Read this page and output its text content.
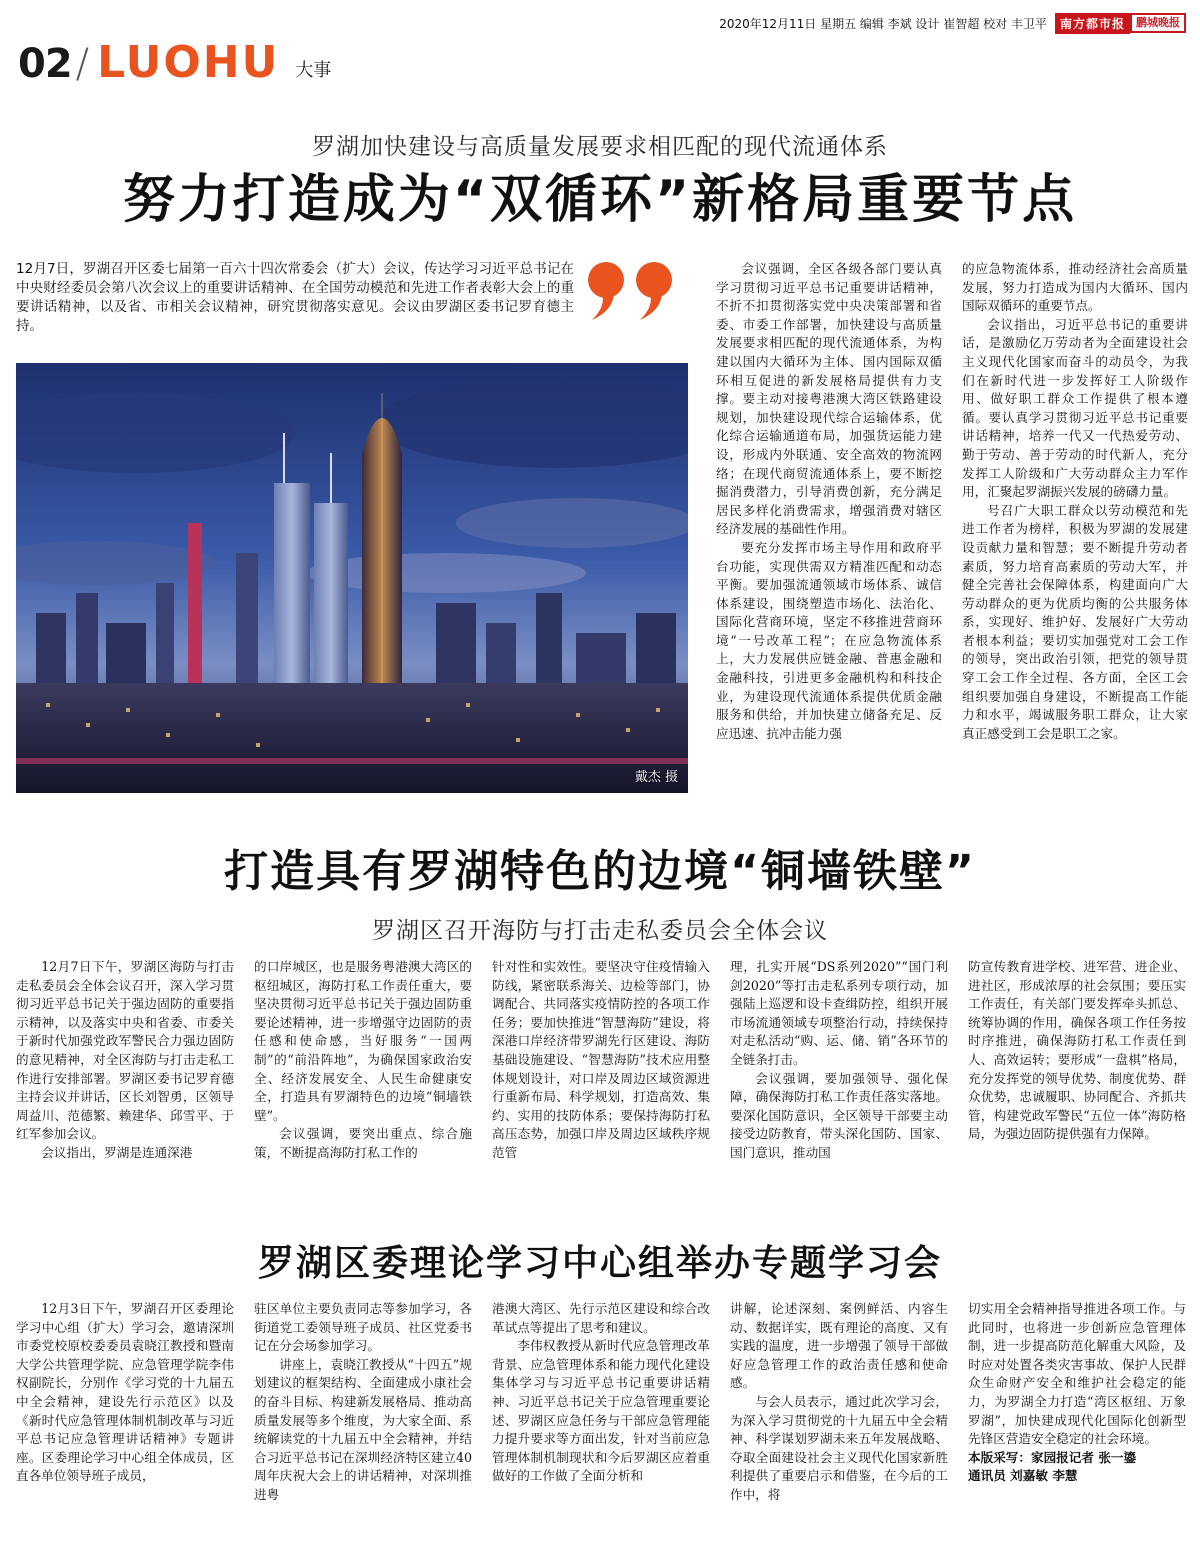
2020年12月11日 星期五 编辑 李斌 设计 崔智超 校对 丰卫平	南方都市报	鹏城晚报
02 / LUOHU 大事
罗湖加快建设与高质量发展要求相匹配的现代流通体系
努力打造成为“双循环”新格局重要节点
12月7日，罗湖召开区委七届第一百六十四次常委会（扩大）会议，传达学习习近平总书记在中央财经委员会第八次会议上的重要讲话精神、在全国劳动模范和先进工作者表彰大会上的重要讲话精神，以及省、市相关会议精神，研究贯彻落实意见。会议由罗湖区委书记罗育德主持。
戴杰 摄

会议强调，全区各级各部门要认真学习贯彻习近平总书记重要讲话精神，不折不扣贯彻落实党中央决策部署和省委、市委工作部署，加快建设与高质量发展要求相匹配的现代流通体系，为构建以国内大循环为主体、国内国际双循环相互促进的新发展格局提供有力支撑。要主动对接粤港澳大湾区铁路建设规划，加快建设现代综合运输体系，优化综合运输通道布局，加强货运能力建设，形成内外联通、安全高效的物流网络；在现代商贸流通体系上，要不断挖掘消费潜力，引导消费创新，充分满足居民多样化消费需求，增强消费对辖区经济发展的基础性作用。

要充分发挥市场主导作用和政府平台功能，实现供需双方精准匹配和动态平衡。要加强流通领域市场体系、诚信体系建设，围绕塑造市场化、法治化、国际化营商环境，坚定不移推进营商环境“一号改革工程”；在应急物流体系上，大力发展供应链金融、普惠金融和金融科技，引进更多金融机构和科技企业，为建设现代流通体系提供优质金融服务和供给，并加快建立储备充足、反应迅速、抗冲击能力强

的应急物流体系，推动经济社会高质量发展，努力打造成为国内大循环、国内国际双循环的重要节点。

会议指出，习近平总书记的重要讲话，是激励亿万劳动者为全面建设社会主义现代化国家而奋斗的动员令，为我们在新时代进一步发挥好工人阶级作用、做好职工群众工作提供了根本遵循。要认真学习贯彻习近平总书记重要讲话精神，培养一代又一代热爱劳动、勤于劳动、善于劳动的时代新人，充分发挥工人阶级和广大劳动群众主力军作用，汇聚起罗湖振兴发展的磅礴力量。

号召广大职工群众以劳动模范和先进工作者为榜样，积极为罗湖的发展建设贡献力量和智慧；要不断提升劳动者素质，努力培育高素质的劳动大军，并健全完善社会保障体系，构建面向广大劳动群众的更为优质均衡的公共服务体系，实现好、维护好、发展好广大劳动者根本利益；要切实加强党对工会工作的领导，突出政治引领，把党的领导贯穿工会工作全过程、各方面，全区工会组织要加强自身建设，不断提高工作能力和水平，竭诚服务职工群众，让大家真正感受到工会是职工之家。

打造具有罗湖特色的边境“铜墙铁壁”
罗湖区召开海防与打击走私委员会全体会议

12月7日下午，罗湖区海防与打击走私委员会全体会议召开，深入学习贯彻习近平总书记关于强边固防的重要指示精神，以及落实中央和省委、市委关于新时代加强党政军警民合力强边固防的意见精神，对全区海防与打击走私工作进行安排部署。罗湖区委书记罗育德主持会议并讲话，区长刘智勇，区领导周益川、范德繁、赖建华、邱雪平、于红军参加会议。

会议指出，罗湖是连通深港

的口岸城区，也是服务粤港澳大湾区的枢纽城区，海防打私工作责任重大，要坚决贯彻习近平总书记关于强边固防重要论述精神，进一步增强守边固防的责任感和使命感，当好服务“一国两制”的“前沿阵地”，为确保国家政治安全、经济发展安全、人民生命健康安全，打造具有罗湖特色的边境“铜墙铁壁”。

会议强调，要突出重点、综合施策，不断提高海防打私工作的

针对性和实效性。要坚决守住疫情输入防线，紧密联系海关、边检等部门，协调配合、共同落实疫情防控的各项工作任务；要加快推进“智慧海防”建设，将深港口岸经济带罗湖先行区建设、海防基础设施建设、“智慧海防”技术应用整体规划设计，对口岸及周边区域资源进行重新布局、科学规划，打造高效、集约、实用的技防体系；要保持海防打私高压态势，加强口岸及周边区域秩序规范管

理，扎实开展“DS系列2020”“国门利剑2020”等打击走私系列专项行动，加强陆上巡逻和设卡查缉防控，组织开展市场流通领域专项整治行动，持续保持对走私活动“购、运、储、销”各环节的全链条打击。

会议强调，要加强领导、强化保障，确保海防打私工作责任落实落地。要深化国防意识，全区领导干部要主动接受边防教育，带头深化国防、国家、国门意识，推动国

防宣传教育进学校、进军营、进企业、进社区，形成浓厚的社会氛围；要压实工作责任，有关部门要发挥牵头抓总、统筹协调的作用，确保各项工作任务按时序推进，确保海防打私工作责任到人、高效运转；要形成“一盘棋”格局，充分发挥党的领导优势、制度优势、群众优势，忠诚履职、协同配合、齐抓共管，构建党政军警民“五位一体”海防格局，为强边固防提供强有力保障。

罗湖区委理论学习中心组举办专题学习会

12月3日下午，罗湖召开区委理论学习中心组（扩大）学习会，邀请深圳市委党校原校委委员袁晓江教授和暨南大学公共管理学院、应急管理学院李伟权副院长，分别作《学习党的十九届五中全会精神，建设先行示范区》以及《新时代应急管理体制机制改革与习近平总书记应急管理讲话精神》专题讲座。区委理论学习中心组全体成员，区直各单位领导班子成员，

驻区单位主要负责同志等参加学习，各街道党工委领导班子成员、社区党委书记在分会场参加学习。

讲座上，袁晓江教授从“十四五”规划建议的框架结构、全面建成小康社会的奋斗目标、构建新发展格局、推动高质量发展等多个维度，为大家全面、系统解读党的十九届五中全会精神，并结合习近平总书记在深圳经济特区建立40周年庆祝大会上的讲话精神，对深圳推进粤

港澳大湾区、先行示范区建设和综合改革试点等提出了思考和建议。

李伟权教授从新时代应急管理改革背景、应急管理体系和能力现代化建设集体学习与习近平总书记重要讲话精神、习近平总书记关于应急管理重要论述、罗湖区应急任务与干部应急管理能力提升要求等方面出发，针对当前应急管理体制机制现状和今后罗湖区应着重做好的工作做了全面分析和

讲解，论述深刻、案例鲜活、内容生动、数据详实，既有理论的高度、又有实践的温度，进一步增强了领导干部做好应急管理工作的政治责任感和使命感。

与会人员表示，通过此次学习会，为深入学习贯彻党的十九届五中全会精神、科学谋划罗湖未来五年发展战略、夺取全面建设社会主义现代化国家新胜利提供了重要启示和借鉴，在今后的工作中，将

切实用全会精神指导推进各项工作。与此同时，也将进一步创新应急管理体制，进一步提高防范化解重大风险，及时应对处置各类灾害事故、保护人民群众生命财产安全和维护社会稳定的能力，为罗湖全力打造“湾区枢纽、万象罗湖”，加快建成现代化国际化创新型先锋区营造安全稳定的社会环境。

本版采写：家园报记者 张一鎏

通讯员 刘嘉敏 李慧
